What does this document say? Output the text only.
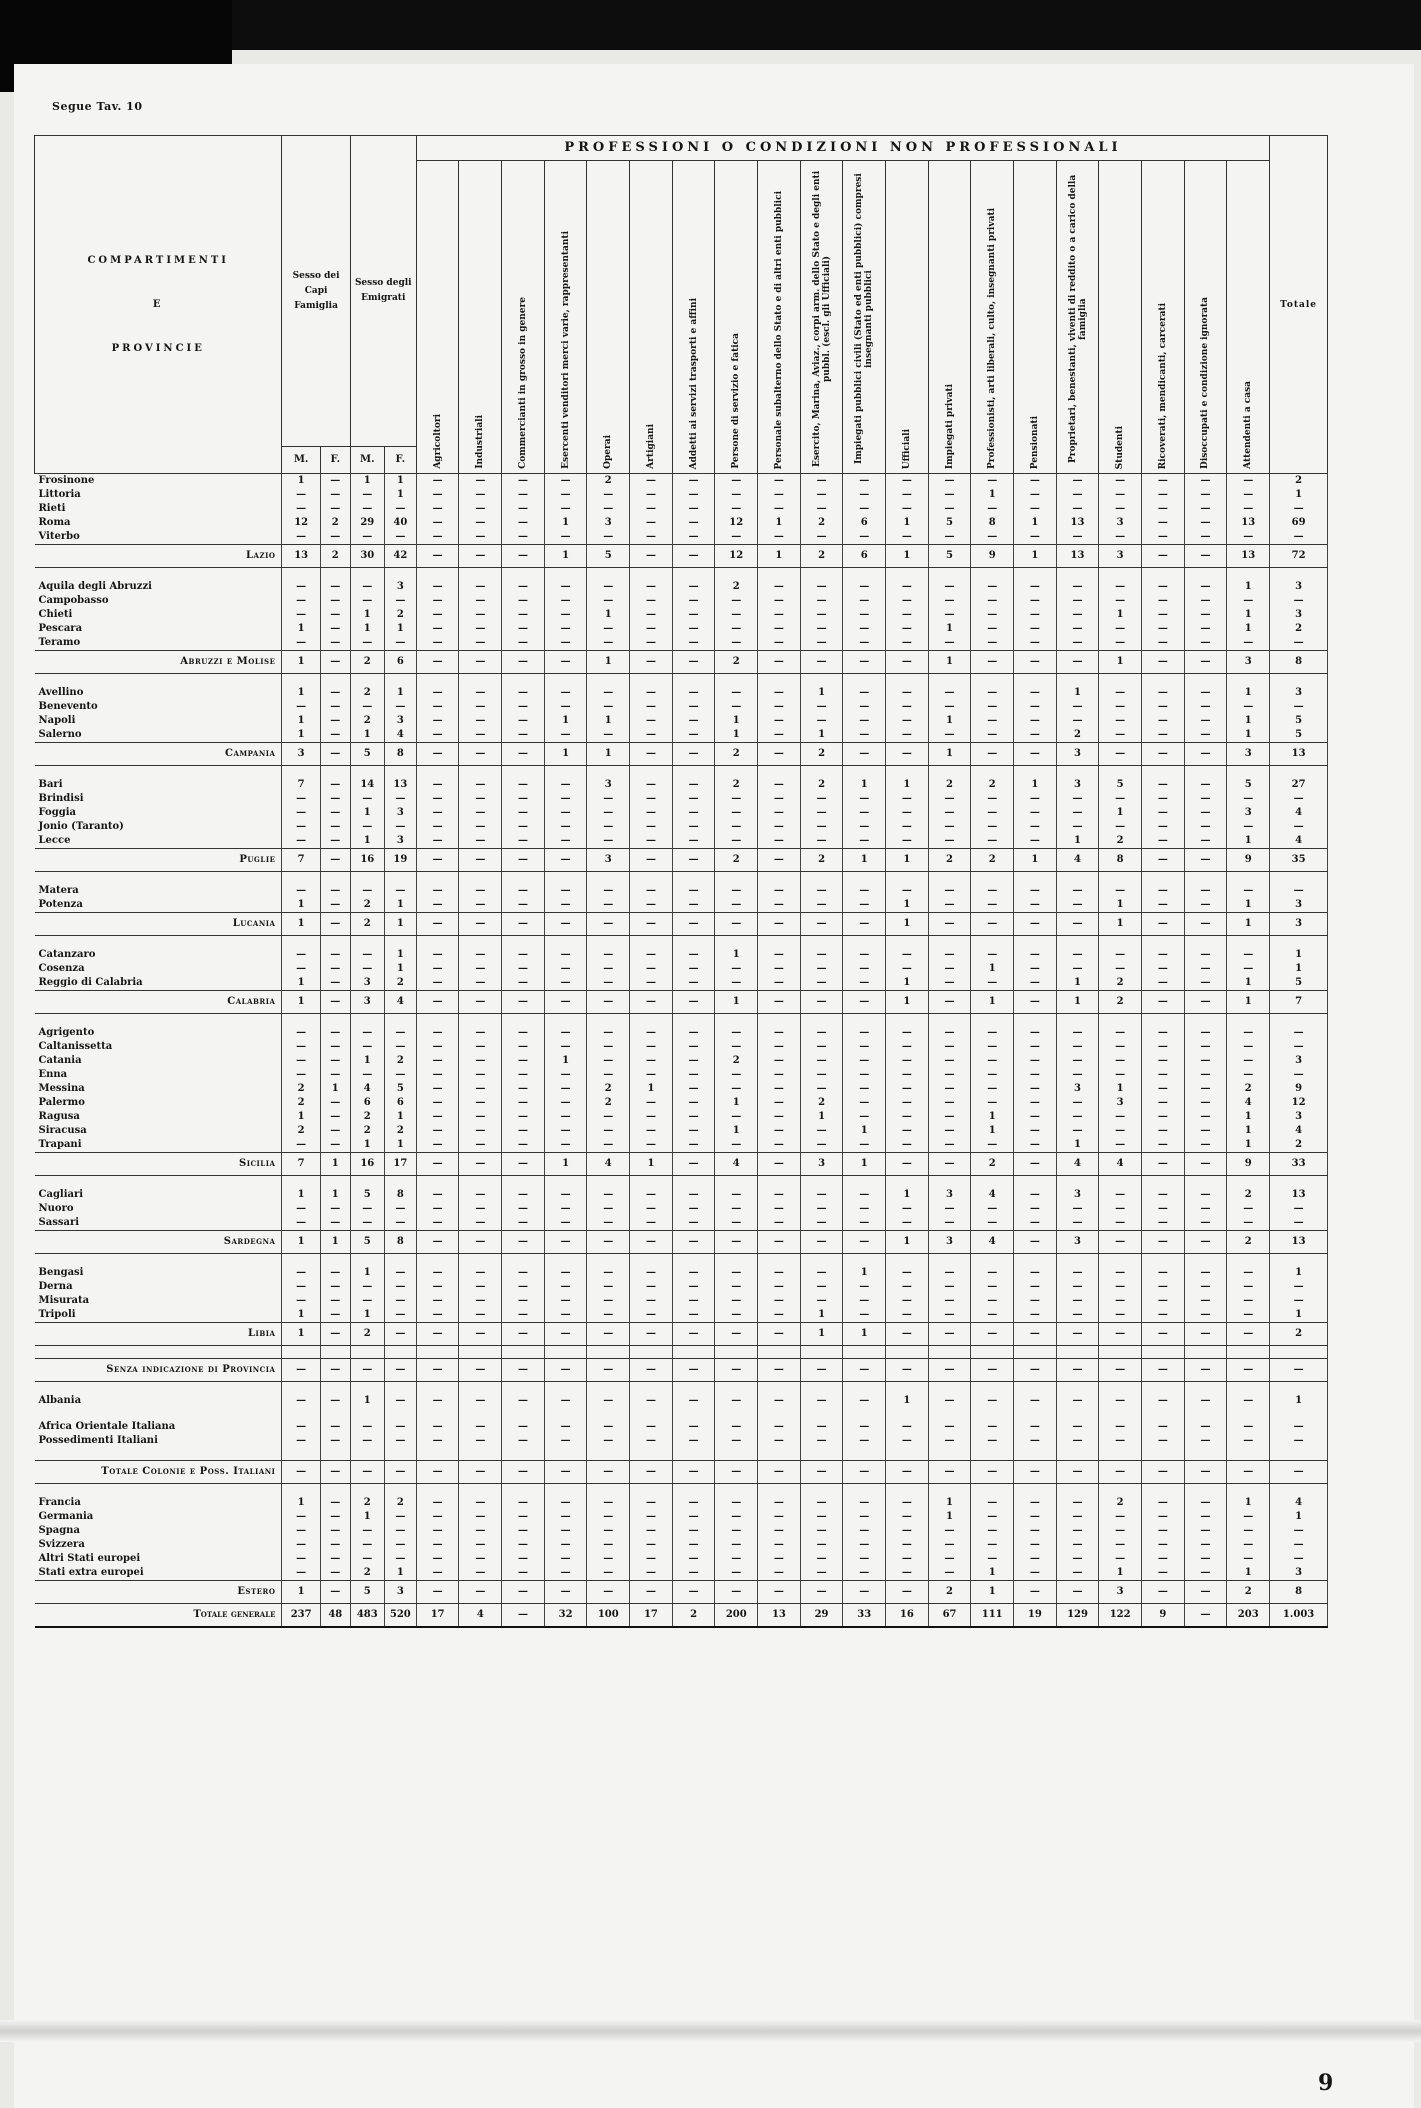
Segue Tav. 10
COMPARTIMENTI
E
PROVINCIE	Sesso dei Capi Famiglia		Sesso degli Emigrati		PROFESSIONI O CONDIZIONI NON PROFESSIONALI																				Totale
					Agricoltori	Industriali	Commercianti in grosso in genere	Esercenti venditori merci varie, rappresentanti	Operai	Artigiani	Addetti ai servizi trasporti e affini	Persone di servizio e fatica	Personale subalterno dello Stato e di altri enti pubblici	Esercito, Marina, Aviaz., corpi arm. dello Stato e degli enti pubbl. (escl. gli Ufficiali)	Impiegati pubblici civili (Stato ed enti pubblici) compresi insegnanti pubblici	Ufficiali	Impiegati privati	Professionisti, arti liberali, culto, insegnanti privati	Pensionati	Proprietari, benestanti, viventi di reddito o a carico della famiglia	Studenti	Ricoverati, mendicanti, carcerati	Disoccupati e condizione ignorata	Attendenti a casa	
	M.	F.	M.	F.																					
Frosinone	1	—	1	1	—	—	—	—	2	—	—	—	—	—	—	—	—	—	—	—	—	—	—	—	2
Littoria	—	—	—	1	—	—	—	—	—	—	—	—	—	—	—	—	—	1	—	—	—	—	—	—	1
Rieti	—	—	—	—	—	—	—	—	—	—	—	—	—	—	—	—	—	—	—	—	—	—	—	—	—
Roma	12	2	29	40	—	—	—	1	3	—	—	12	1	2	6	1	5	8	1	13	3	—	—	13	69
Viterbo	—	—	—	—	—	—	—	—	—	—	—	—	—	—	—	—	—	—	—	—	—	—	—	—	—
Lazio	13	2	30	42	—	—	—	1	5	—	—	12	1	2	6	1	5	9	1	13	3	—	—	13	72

Aquila degli Abruzzi	—	—	—	3	—	—	—	—	—	—	—	2	—	—	—	—	—	—	—	—	—	—	—	1	3
Campobasso	—	—	—	—	—	—	—	—	—	—	—	—	—	—	—	—	—	—	—	—	—	—	—	—	—
Chieti	—	—	1	2	—	—	—	—	1	—	—	—	—	—	—	—	—	—	—	—	1	—	—	1	3
Pescara	1	—	1	1	—	—	—	—	—	—	—	—	—	—	—	—	1	—	—	—	—	—	—	1	2
Teramo	—	—	—	—	—	—	—	—	—	—	—	—	—	—	—	—	—	—	—	—	—	—	—	—	—
Abruzzi e Molise	1	—	2	6	—	—	—	—	1	—	—	2	—	—	—	—	1	—	—	—	1	—	—	3	8

Avellino	1	—	2	1	—	—	—	—	—	—	—	—	—	1	—	—	—	—	—	1	—	—	—	1	3
Benevento	—	—	—	—	—	—	—	—	—	—	—	—	—	—	—	—	—	—	—	—	—	—	—	—	—
Napoli	1	—	2	3	—	—	—	1	1	—	—	1	—	—	—	—	1	—	—	—	—	—	—	1	5
Salerno	1	—	1	4	—	—	—	—	—	—	—	1	—	1	—	—	—	—	—	2	—	—	—	1	5
Campania	3	—	5	8	—	—	—	1	1	—	—	2	—	2	—	—	1	—	—	3	—	—	—	3	13

Bari	7	—	14	13	—	—	—	—	3	—	—	2	—	2	1	1	2	2	1	3	5	—	—	5	27
Brindisi	—	—	—	—	—	—	—	—	—	—	—	—	—	—	—	—	—	—	—	—	—	—	—	—	—
Foggia	—	—	1	3	—	—	—	—	—	—	—	—	—	—	—	—	—	—	—	—	1	—	—	3	4
Jonio (Taranto)	—	—	—	—	—	—	—	—	—	—	—	—	—	—	—	—	—	—	—	—	—	—	—	—	—
Lecce	—	—	1	3	—	—	—	—	—	—	—	—	—	—	—	—	—	—	—	1	2	—	—	1	4
Puglie	7	—	16	19	—	—	—	—	3	—	—	2	—	2	1	1	2	2	1	4	8	—	—	9	35

Matera	—	—	—	—	—	—	—	—	—	—	—	—	—	—	—	—	—	—	—	—	—	—	—	—	—
Potenza	1	—	2	1	—	—	—	—	—	—	—	—	—	—	—	1	—	—	—	—	1	—	—	1	3
Lucania	1	—	2	1	—	—	—	—	—	—	—	—	—	—	—	1	—	—	—	—	1	—	—	1	3

Catanzaro	—	—	—	1	—	—	—	—	—	—	—	1	—	—	—	—	—	—	—	—	—	—	—	—	1
Cosenza	—	—	—	1	—	—	—	—	—	—	—	—	—	—	—	—	—	1	—	—	—	—	—	—	1
Reggio di Calabria	1	—	3	2	—	—	—	—	—	—	—	—	—	—	—	1	—	—	—	1	2	—	—	1	5
Calabria	1	—	3	4	—	—	—	—	—	—	—	1	—	—	—	1	—	1	—	1	2	—	—	1	7

Agrigento	—	—	—	—	—	—	—	—	—	—	—	—	—	—	—	—	—	—	—	—	—	—	—	—	—
Caltanissetta	—	—	—	—	—	—	—	—	—	—	—	—	—	—	—	—	—	—	—	—	—	—	—	—	—
Catania	—	—	1	2	—	—	—	1	—	—	—	2	—	—	—	—	—	—	—	—	—	—	—	—	3
Enna	—	—	—	—	—	—	—	—	—	—	—	—	—	—	—	—	—	—	—	—	—	—	—	—	—
Messina	2	1	4	5	—	—	—	—	2	1	—	—	—	—	—	—	—	—	—	3	1	—	—	2	9
Palermo	2	—	6	6	—	—	—	—	2	—	—	1	—	2	—	—	—	—	—	—	3	—	—	4	12
Ragusa	1	—	2	1	—	—	—	—	—	—	—	—	—	1	—	—	—	1	—	—	—	—	—	1	3
Siracusa	2	—	2	2	—	—	—	—	—	—	—	1	—	—	1	—	—	1	—	—	—	—	—	1	4
Trapani	—	—	1	1	—	—	—	—	—	—	—	—	—	—	—	—	—	—	—	1	—	—	—	1	2
Sicilia	7	1	16	17	—	—	—	1	4	1	—	4	—	3	1	—	—	2	—	4	4	—	—	9	33

Cagliari	1	1	5	8	—	—	—	—	—	—	—	—	—	—	—	1	3	4	—	3	—	—	—	2	13
Nuoro	—	—	—	—	—	—	—	—	—	—	—	—	—	—	—	—	—	—	—	—	—	—	—	—	—
Sassari	—	—	—	—	—	—	—	—	—	—	—	—	—	—	—	—	—	—	—	—	—	—	—	—	—
Sardegna	1	1	5	8	—	—	—	—	—	—	—	—	—	—	—	1	3	4	—	3	—	—	—	2	13

Bengasi	—	—	1	—	—	—	—	—	—	—	—	—	—	—	1	—	—	—	—	—	—	—	—	—	1
Derna	—	—	—	—	—	—	—	—	—	—	—	—	—	—	—	—	—	—	—	—	—	—	—	—	—
Misurata	—	—	—	—	—	—	—	—	—	—	—	—	—	—	—	—	—	—	—	—	—	—	—	—	—
Tripoli	1	—	1	—	—	—	—	—	—	—	—	—	—	1	—	—	—	—	—	—	—	—	—	—	1
Libia	1	—	2	—	—	—	—	—	—	—	—	—	—	1	1	—	—	—	—	—	—	—	—	—	2

Senza indicazione di Provincia	—	—	—	—	—	—	—	—	—	—	—	—	—	—	—	—	—	—	—	—	—	—	—	—	—

Albania	—	—	1	—	—	—	—	—	—	—	—	—	—	—	—	1	—	—	—	—	—	—	—	—	1

Africa Orientale Italiana	—	—	—	—	—	—	—	—	—	—	—	—	—	—	—	—	—	—	—	—	—	—	—	—	—
Possedimenti Italiani	—	—	—	—	—	—	—	—	—	—	—	—	—	—	—	—	—	—	—	—	—	—	—	—	—

Totale Colonie e Poss. Italiani	—	—	—	—	—	—	—	—	—	—	—	—	—	—	—	—	—	—	—	—	—	—	—	—	—

Francia	1	—	2	2	—	—	—	—	—	—	—	—	—	—	—	—	1	—	—	—	2	—	—	1	4
Germania	—	—	1	—	—	—	—	—	—	—	—	—	—	—	—	—	1	—	—	—	—	—	—	—	1
Spagna	—	—	—	—	—	—	—	—	—	—	—	—	—	—	—	—	—	—	—	—	—	—	—	—	—
Svizzera	—	—	—	—	—	—	—	—	—	—	—	—	—	—	—	—	—	—	—	—	—	—	—	—	—
Altri Stati europei	—	—	—	—	—	—	—	—	—	—	—	—	—	—	—	—	—	—	—	—	—	—	—	—	—
Stati extra europei	—	—	2	1	—	—	—	—	—	—	—	—	—	—	—	—	—	1	—	—	1	—	—	1	3
Estero	1	—	5	3	—	—	—	—	—	—	—	—	—	—	—	—	2	1	—	—	3	—	—	2	8
Totale generale	237	48	483	520	17	4	—	32	100	17	2	200	13	29	33	16	67	111	19	129	122	9	—	203	1.003
9
